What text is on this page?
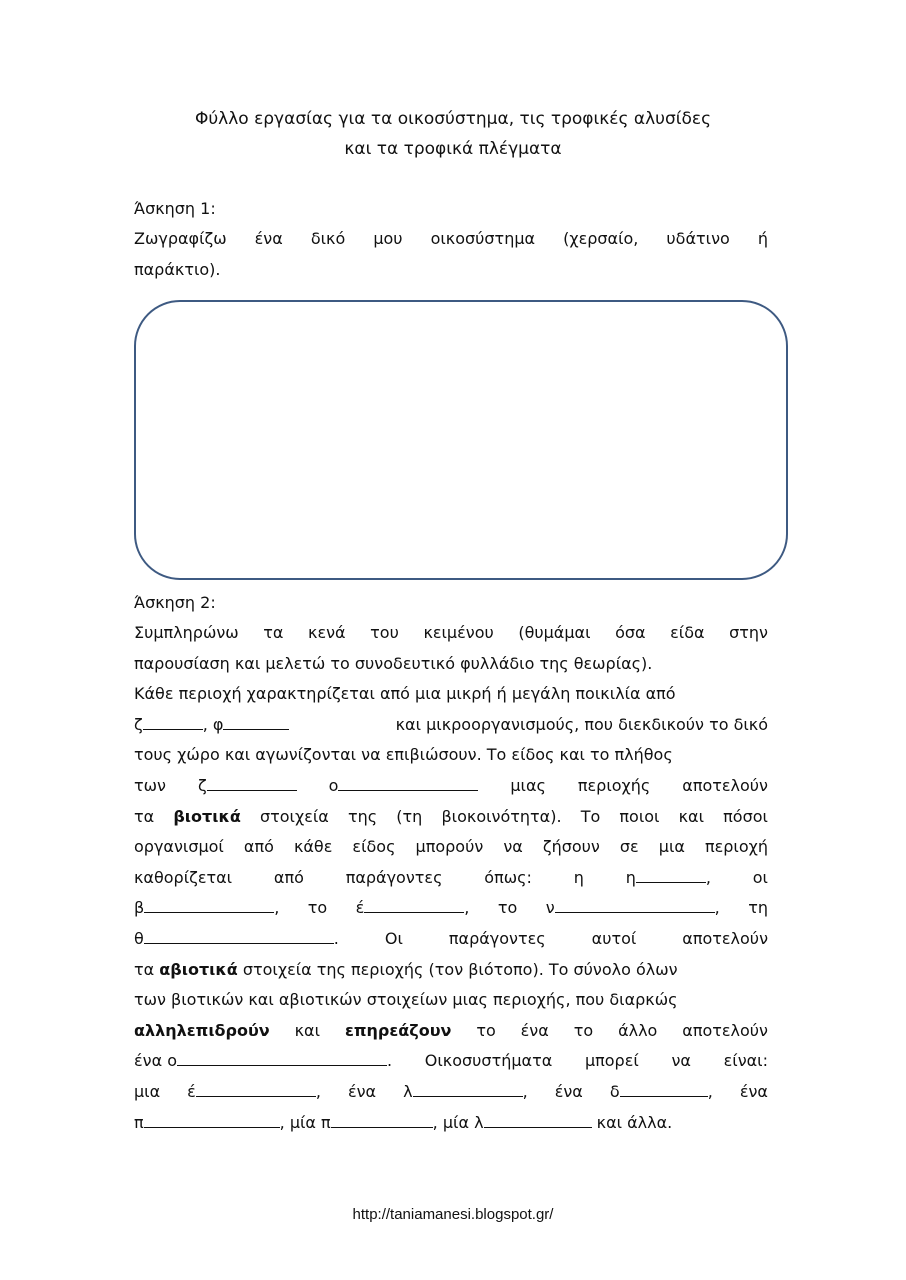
Φύλλο εργασίας για τα οικοσύστημα, τις τροφικές αλυσίδες
και τα τροφικά πλέγματα
Άσκηση 1:
Ζωγραφίζω ένα δικό μου οικοσύστημα (χερσαίο, υδάτινο ή
παράκτιο).
Άσκηση 2:
Συμπληρώνω τα κενά του κειμένου (θυμάμαι όσα είδα στην
παρουσίαση και μελετώ το συνοδευτικό φυλλάδιο της θεωρίας).
Κάθε περιοχή χαρακτηρίζεται από μια μικρή ή μεγάλη ποικιλία από
ζ	, φ	και μικροοργανισμούς, που διεκδικούν το δικό
τους χώρο και αγωνίζονται να επιβιώσουν. Το είδος και το πλήθος
των ζ	ο	μιας περιοχής αποτελούν
τα βιοτικά στοιχεία της (τη βιοκοινότητα). Το ποιοι και πόσοι
οργανισμοί από κάθε είδος μπορούν να ζήσουν σε μια περιοχή
καθορίζεται	από	παράγοντες	όπως:	η	η	,	οι
β	, το έ	, το ν	, τη
θ	.	Οι	παράγοντες	αυτοί	αποτελούν
τα αβιοτικά στοιχεία της περιοχής (τον βιότοπο). Το σύνολο όλων
των βιοτικών και αβιοτικών στοιχείων μιας περιοχής, που διαρκώς
αλληλεπιδρούν και επηρεάζουν το ένα το άλλο αποτελούν
ένα ο	. Οικοσυστήματα μπορεί να είναι:
μια έ	, ένα λ	, ένα δ	, ένα
π	, μία π	, μία λ	και άλλα.
http://taniamanesi.blogspot.gr/
